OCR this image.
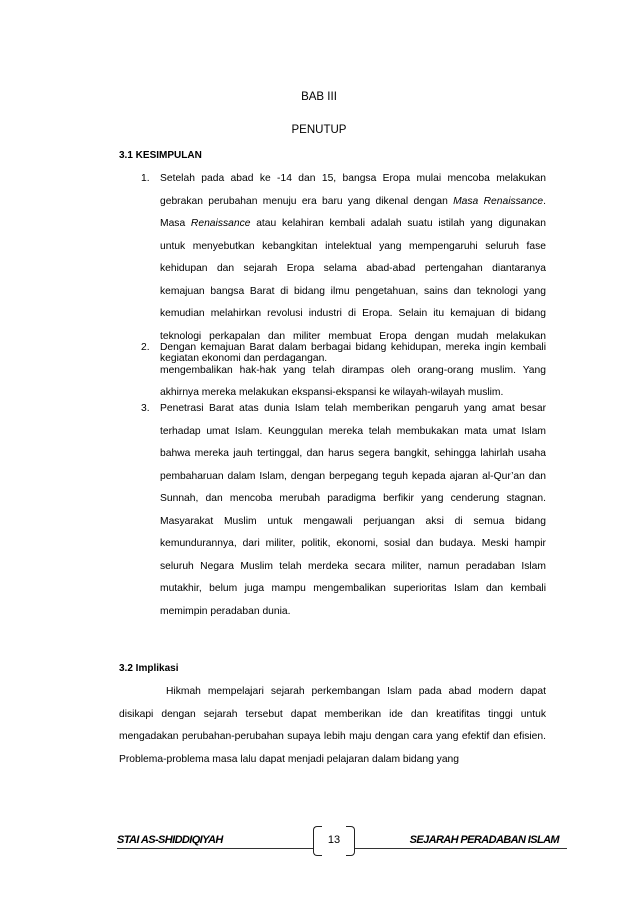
BAB III
PENUTUP
3.1 KESIMPULAN
1. Setelah pada abad ke -14 dan 15, bangsa Eropa mulai mencoba melakukan gebrakan perubahan menuju era baru yang dikenal dengan Masa Renaissance. Masa Renaissance atau kelahiran kembali adalah suatu istilah yang digunakan untuk menyebutkan kebangkitan intelektual yang mempengaruhi seluruh fase kehidupan dan sejarah Eropa selama abad-abad pertengahan diantaranya kemajuan bangsa Barat di bidang ilmu pengetahuan, sains dan teknologi yang kemudian melahirkan revolusi industri di Eropa. Selain itu kemajuan di bidang teknologi perkapalan dan militer membuat Eropa dengan mudah melakukan kegiatan ekonomi dan perdagangan.
2. Dengan kemajuan Barat dalam berbagai bidang kehidupan, mereka ingin kembali mengembalikan hak-hak yang telah dirampas oleh orang-orang muslim. Yang akhirnya mereka melakukan ekspansi-ekspansi ke wilayah-wilayah muslim.
3. Penetrasi Barat atas dunia Islam telah memberikan pengaruh yang amat besar terhadap umat Islam. Keunggulan mereka telah membukakan mata umat Islam bahwa mereka jauh tertinggal, dan harus segera bangkit, sehingga lahirlah usaha pembaharuan dalam Islam, dengan berpegang teguh kepada ajaran al-Qur’an dan Sunnah, dan mencoba merubah paradigma berfikir yang cenderung stagnan. Masyarakat Muslim untuk mengawali perjuangan aksi di semua bidang kemundurannya, dari militer, politik, ekonomi, sosial dan budaya. Meski hampir seluruh Negara Muslim telah merdeka secara militer, namun peradaban Islam mutakhir, belum juga mampu mengembalikan superioritas Islam dan kembali memimpin peradaban dunia.
3.2 Implikasi

Hikmah mempelajari sejarah perkembangan Islam pada abad modern dapat disikapi dengan sejarah tersebut dapat memberikan ide dan kreatifitas tinggi untuk mengadakan perubahan-perubahan supaya lebih maju dengan cara yang efektif dan efisien. Problema-problema masa lalu dapat menjadi pelajaran dalam bidang yang

STAI AS-SHIDDIQIYAH	13	SEJARAH PERADABAN ISLAM
